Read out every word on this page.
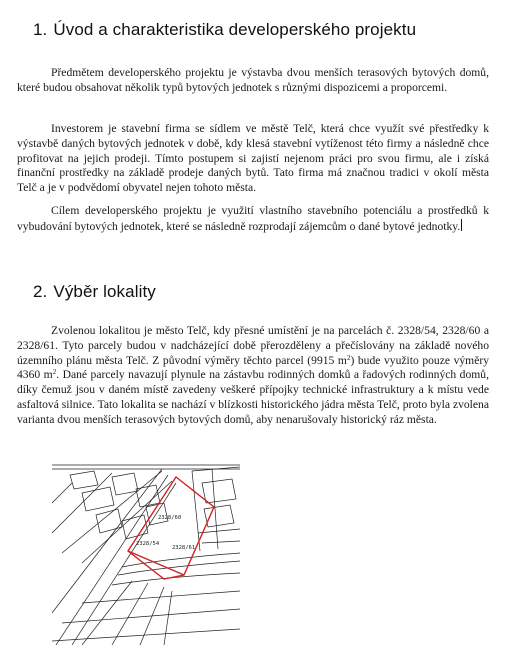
1. Úvod a charakteristika developerského projektu

Předmětem developerského projektu je výstavba dvou menších terasových bytových domů, které budou obsahovat několik typů bytových jednotek s různými dispozicemi a proporcemi.

Investorem je stavební firma se sídlem ve městě Telč, která chce využít své přestředky k výstavbě daných bytových jednotek v době, kdy klesá stavební vytíženost této firmy a následně chce profitovat na jejich prodeji. Tímto postupem si zajistí nejenom práci pro svou firmu, ale i získá finanční prostředky na základě prodeje daných bytů. Tato firma má značnou tradici v okolí města Telč a je v podvědomí obyvatel nejen tohoto města.

Cílem developerského projektu je využití vlastního stavebního potenciálu a prostředků k vybudování bytových jednotek, které se následně rozprodají zájemcům o dané bytové jednotky.

2. Výběr lokality

Zvolenou lokalitou je město Telč, kdy přesné umístění je na parcelách č. 2328/54, 2328/60 a 2328/61. Tyto parcely budou v nadcházející době přerozděleny a přečíslovány na základě nového územního plánu města Telč. Z původní výměry těchto parcel (9915 $m^2$) bude využito pouze výměry 4360 $m^2$. Dané parcely navazují plynule na zástavbu rodinných domků a řadových rodinných domů, díky čemuž jsou v daném místě zavedeny veškeré přípojky technické infrastruktury a k místu vede asfaltová silnice. Tato lokalita se nachází v blízkosti historického jádra města Telč, proto byla zvolena varianta dvou menších terasových bytových domů, aby nenarušovaly historický ráz města.

2328/60
2328/61
2328/54
